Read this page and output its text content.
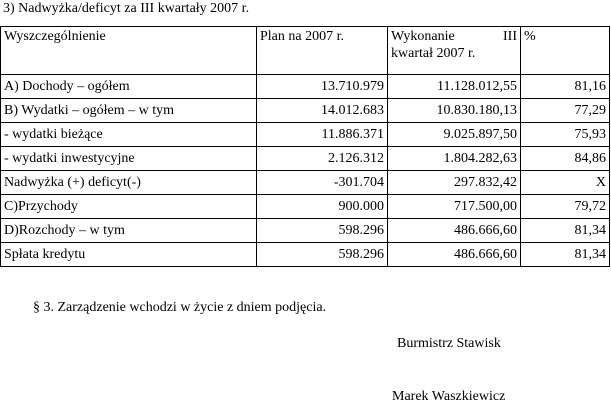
3) Nadwyżka/deficyt za III kwartały 2007 r.
Wyszczególnienie	Plan na 2007 r.	Wykonanie III
kwartał 2007 r.	%
A) Dochody – ogółem	13.710.979	11.128.012,55	81,16
B) Wydatki – ogółem – w tym	14.012.683	10.830.180,13	77,29
- wydatki bieżące	11.886.371	9.025.897,50	75,93
- wydatki inwestycyjne	2.126.312	1.804.282,63	84,86
Nadwyżka (+) deficyt(-)	-301.704	297.832,42	X
C)Przychody	900.000	717.500,00	79,72
D)Rozchody – w tym	598.296	486.666,60	81,34
Spłata kredytu	598.296	486.666,60	81,34
§ 3. Zarządzenie wchodzi w życie z dniem podjęcia.
Burmistrz Stawisk
Marek Waszkiewicz
